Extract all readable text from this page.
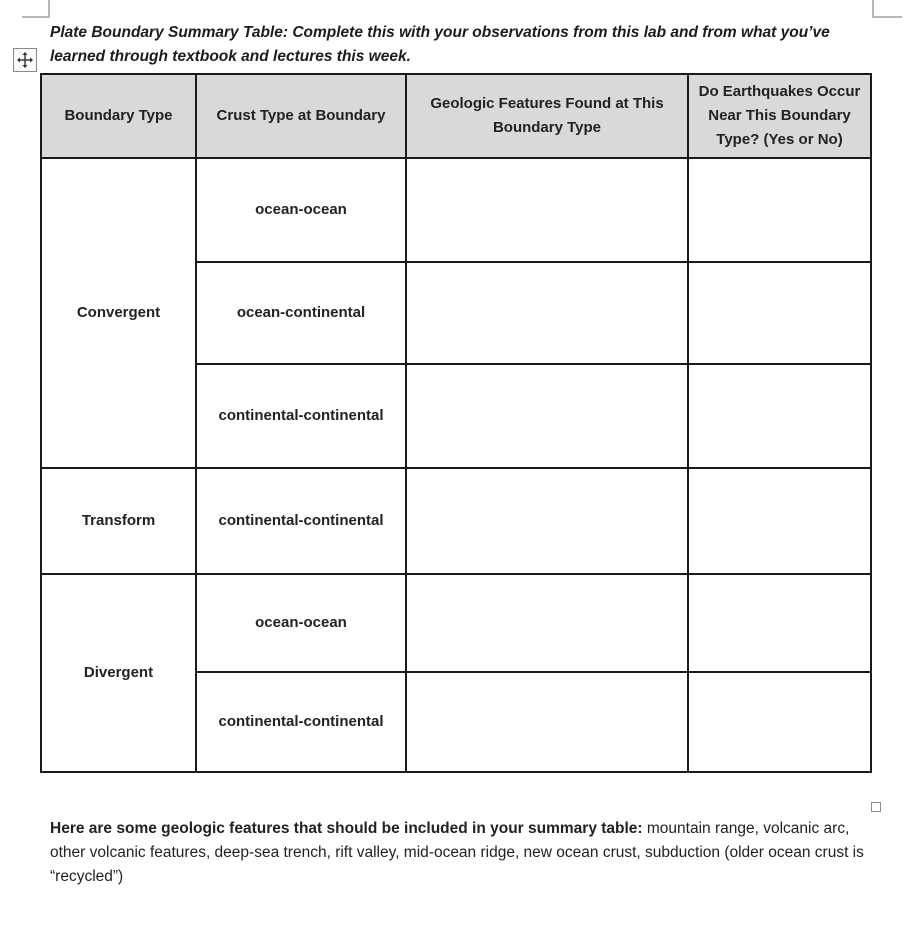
Plate Boundary Summary Table: Complete this with your observations from this lab and from what you’ve
learned through textbook and lectures this week.
Boundary Type	Crust Type at Boundary	Geologic Features Found at This Boundary Type	Do Earthquakes Occur Near This Boundary Type? (Yes or No)
Convergent	ocean-ocean		
	ocean-continental		
	continental-continental		
Transform	continental-continental		
Divergent	ocean-ocean		
	continental-continental		
Here are some geologic features that should be included in your summary table: mountain range, volcanic arc, other volcanic features, deep-sea trench, rift valley, mid-ocean ridge, new ocean crust, subduction (older ocean crust is “recycled”)
